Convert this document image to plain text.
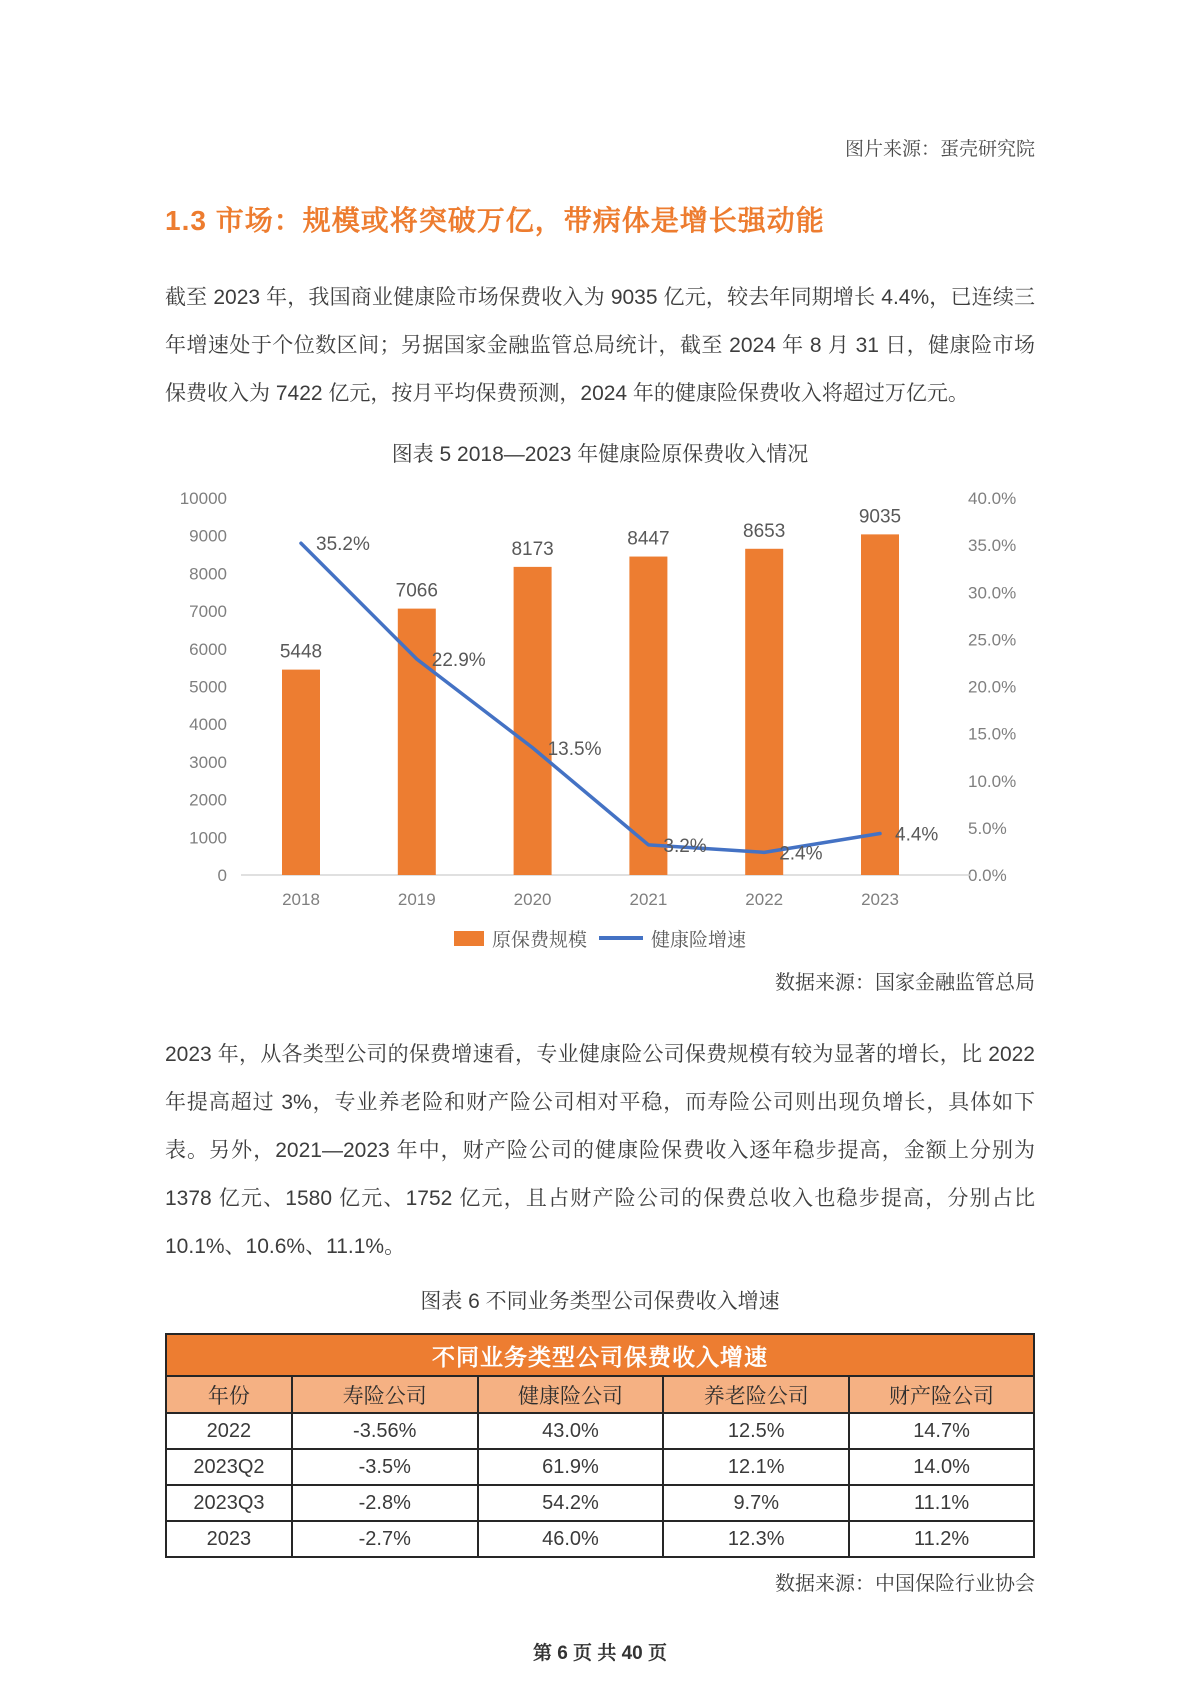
图片来源：蛋壳研究院
1.3 市场：规模或将突破万亿，带病体是增长强动能

截至 2023 年，我国商业健康险市场保费收入为 9035 亿元，较去年同期增长 4.4%，已连续三年增速处于个位数区间；另据国家金融监管总局统计，截至 2024 年 8 月 31 日，健康险市场保费收入为 7422 亿元，按月平均保费预测，2024 年的健康险保费收入将超过万亿元。

图表 5 2018—2023 年健康险原保费收入情况
0
1000
2000
3000
4000
5000
6000
7000
8000
9000
10000
0.0%
5.0%
10.0%
15.0%
20.0%
25.0%
30.0%
35.0%
40.0%
5448
7066
8173	8447	8653
9035
35.2%
22.9%
13.5%
3.2%	2.4%
4.4%
2018	2019	2020	2021	2022	2023
原保费规模	健康险增速
数据来源：国家金融监管总局

2023 年，从各类型公司的保费增速看，专业健康险公司保费规模有较为显著的增长，比 2022 年提高超过 3%，专业养老险和财产险公司相对平稳，而寿险公司则出现负增长，具体如下表。另外，2021—2023 年中，财产险公司的健康险保费收入逐年稳步提高，金额上分别为 1378 亿元、1580 亿元、1752 亿元，且占财产险公司的保费总收入也稳步提高，分别占比 10.1%、10.6%、11.1%。

图表 6 不同业务类型公司保费收入增速
不同业务类型公司保费收入增速				
年份	寿险公司	健康险公司	养老险公司	财产险公司
2022	-3.56%	43.0%	12.5%	14.7%
2023Q2	-3.5%	61.9%	12.1%	14.0%
2023Q3	-2.8%	54.2%	9.7%	11.1%
2023	-2.7%	46.0%	12.3%	11.2%
数据来源：中国保险行业协会
第 6 页 共 40 页
